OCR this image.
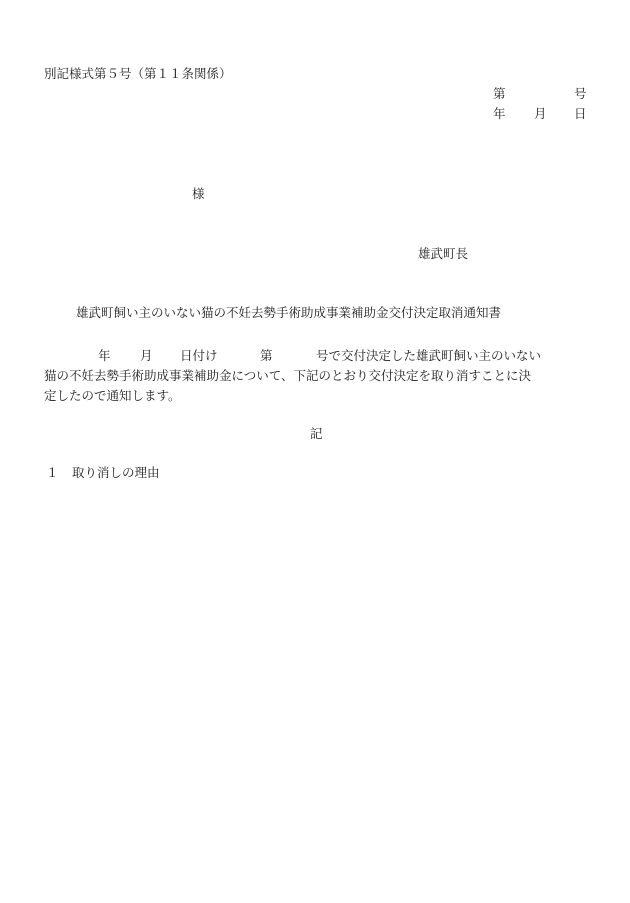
別記様式第５号（第１１条関係）
第	号
年 月 日
様
雄武町長
雄武町飼い主のいない猫の不妊去勢手術助成事業補助金交付決定取消通知書

年

月

日付け

	第

	号で交付決定した雄武町飼い主のいない

猫の不妊去勢手術助成事業補助金について、下記のとおり交付決定を取り消すことに決
定したので通知します。
記
１ 取り消しの理由
